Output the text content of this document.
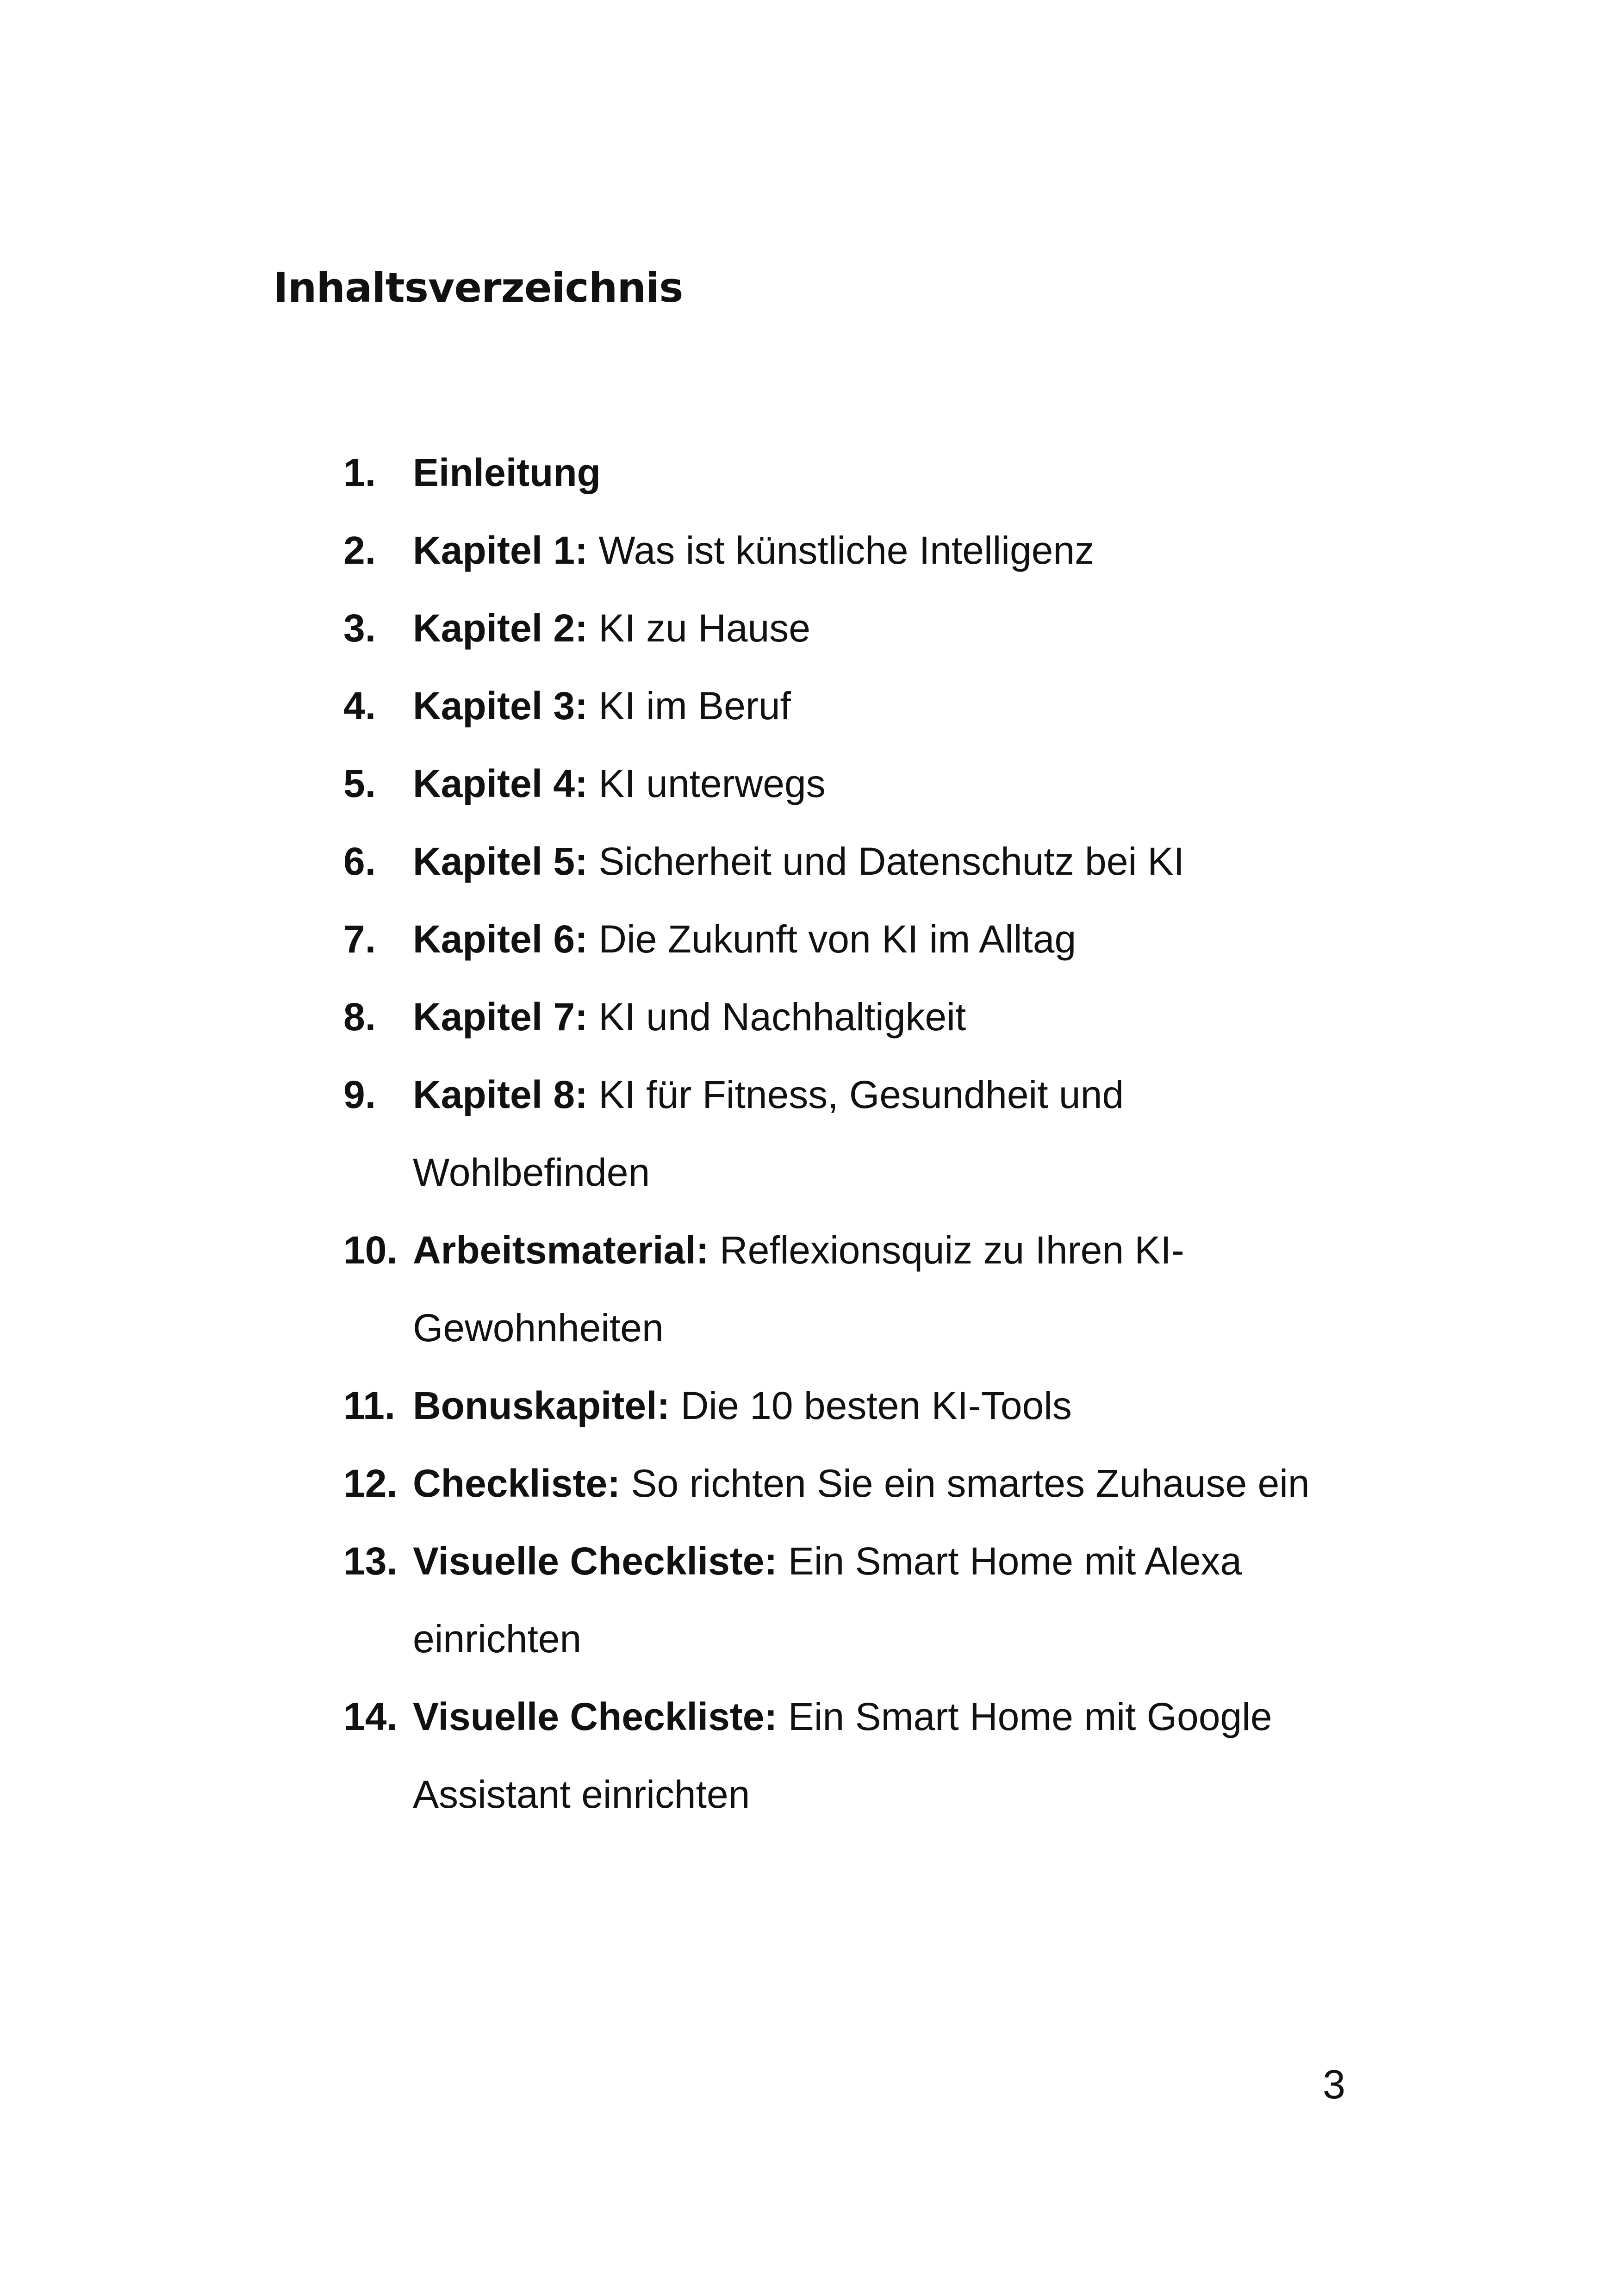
Inhaltsverzeichnis
1. Einleitung
2. Kapitel 1: Was ist künstliche Intelligenz
3. Kapitel 2: KI zu Hause
4. Kapitel 3: KI im Beruf
5. Kapitel 4: KI unterwegs
6. Kapitel 5: Sicherheit und Datenschutz bei KI
7. Kapitel 6: Die Zukunft von KI im Alltag
8. Kapitel 7: KI und Nachhaltigkeit
9. Kapitel 8: KI für Fitness, Gesundheit und Wohlbefinden
10. Arbeitsmaterial: Reflexionsquiz zu Ihren KI-Gewohnheiten
11. Bonuskapitel: Die 10 besten KI-Tools
12. Checkliste: So richten Sie ein smartes Zuhause ein
13. Visuelle Checkliste: Ein Smart Home mit Alexa einrichten
14. Visuelle Checkliste: Ein Smart Home mit Google Assistant einrichten
3
